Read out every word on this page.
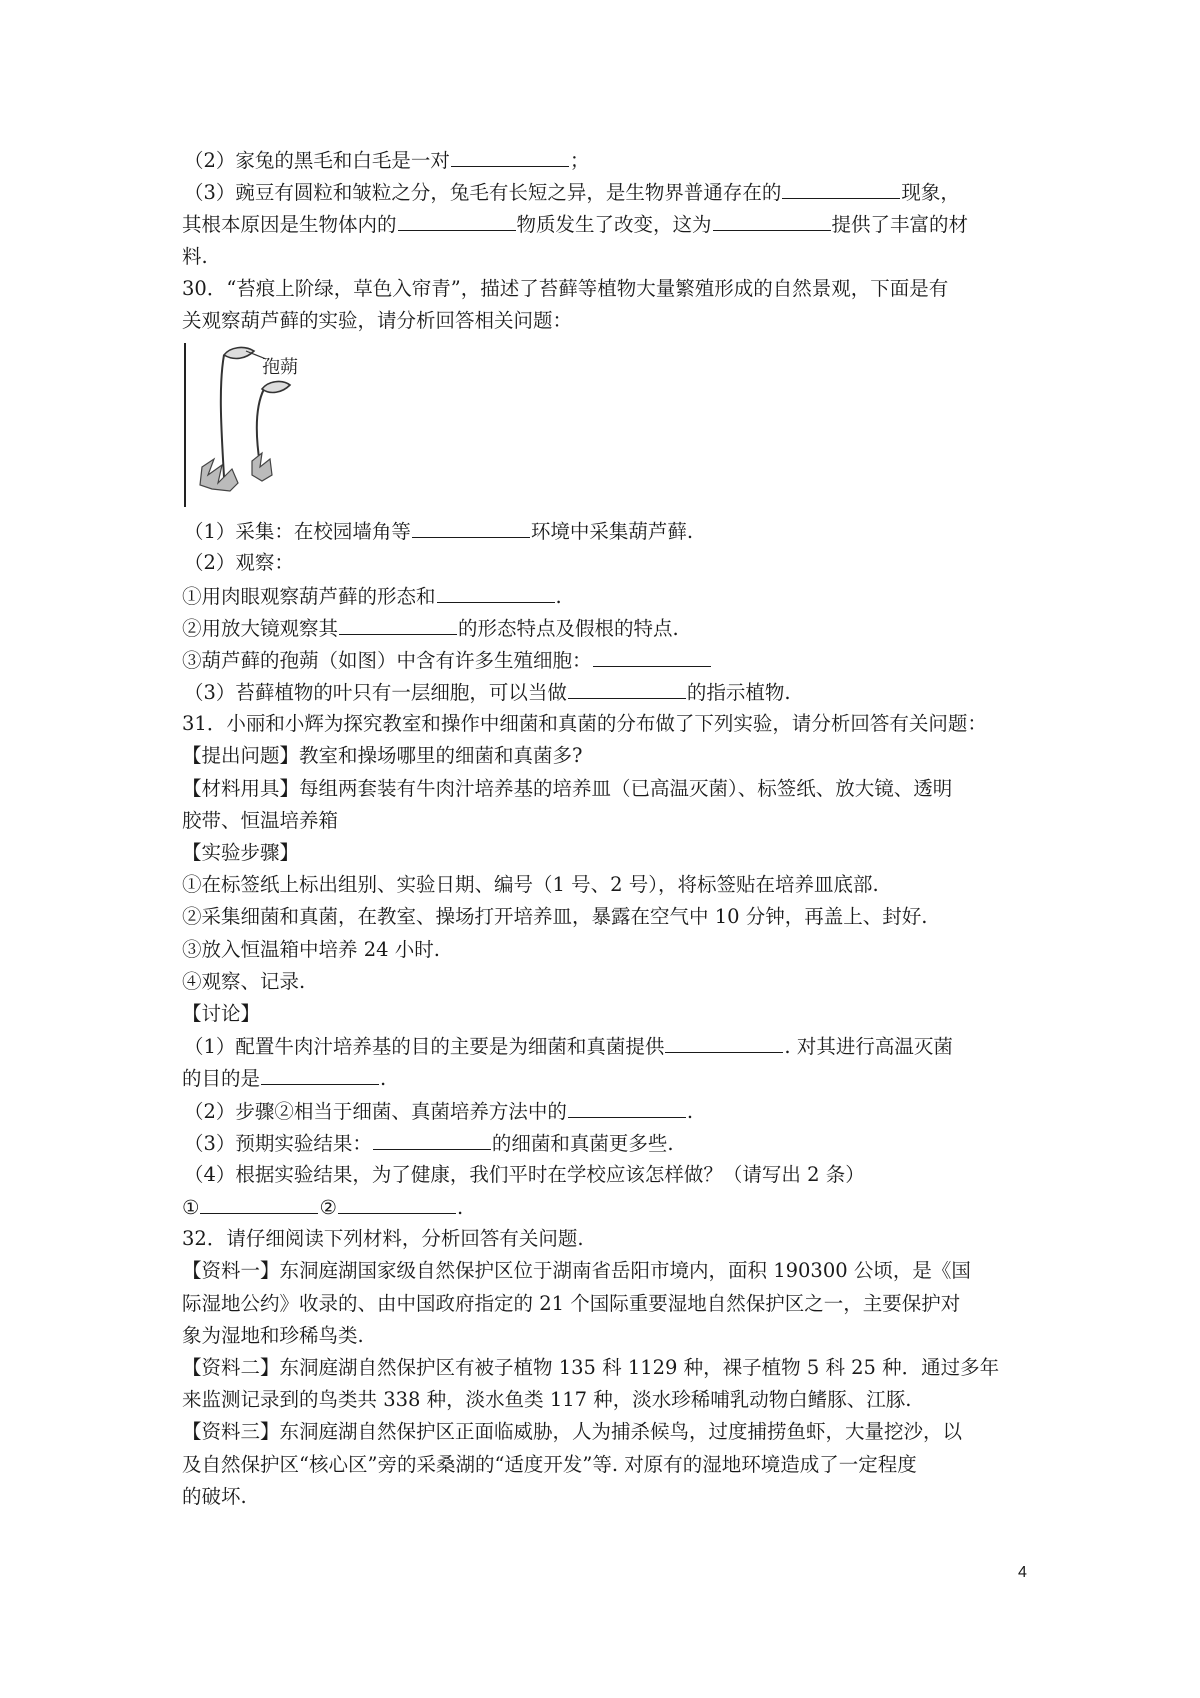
（2）家兔的黑毛和白毛是一对	；
（3）豌豆有圆粒和皱粒之分，兔毛有长短之异，是生物界普通存在的	现象，
其根本原因是生物体内的	物质发生了改变，这为	提供了丰富的材
料.
30．“苔痕上阶绿，草色入帘青”，描述了苔藓等植物大量繁殖形成的自然景观，下面是有
关观察葫芦藓的实验，请分析回答相关问题：
孢蒴
（1）采集：在校园墙角等	环境中采集葫芦藓.
（2）观察：
①用肉眼观察葫芦藓的形态和	.
②用放大镜观察其	的形态特点及假根的特点.
③葫芦藓的孢蒴（如图）中含有许多生殖细胞：
（3）苔藓植物的叶只有一层细胞，可以当做	的指示植物.
31．小丽和小辉为探究教室和操作中细菌和真菌的分布做了下列实验，请分析回答有关问题：
【提出问题】教室和操场哪里的细菌和真菌多?
【材料用具】每组两套装有牛肉汁培养基的培养皿（已高温灭菌）、标签纸、放大镜、透明
胶带、恒温培养箱
【实验步骤】
①在标签纸上标出组别、实验日期、编号（1 号、2 号），将标签贴在培养皿底部.
②采集细菌和真菌，在教室、操场打开培养皿，暴露在空气中 10 分钟，再盖上、封好.
③放入恒温箱中培养 24 小时.
④观察、记录.
【讨论】
（1）配置牛肉汁培养基的目的主要是为细菌和真菌提供	. 对其进行高温灭菌
的目的是	.
（2）步骤②相当于细菌、真菌培养方法中的	.
（3）预期实验结果：	的细菌和真菌更多些.
（4）根据实验结果，为了健康，我们平时在学校应该怎样做？（请写出 2 条）
①	②	.
32．请仔细阅读下列材料，分析回答有关问题.
【资料一】东洞庭湖国家级自然保护区位于湖南省岳阳市境内，面积 190300 公顷，是《国
际湿地公约》收录的、由中国政府指定的 21 个国际重要湿地自然保护区之一，主要保护对
象为湿地和珍稀鸟类.
【资料二】东洞庭湖自然保护区有被子植物 135 科 1129 种，裸子植物 5 科 25 种．通过多年
来监测记录到的鸟类共 338 种，淡水鱼类 117 种，淡水珍稀哺乳动物白鳍豚、江豚.
【资料三】东洞庭湖自然保护区正面临威胁，人为捕杀候鸟，过度捕捞鱼虾，大量挖沙，以
及自然保护区“核心区”旁的采桑湖的“适度开发”等. 对原有的湿地环境造成了一定程度
的破坏.
4
